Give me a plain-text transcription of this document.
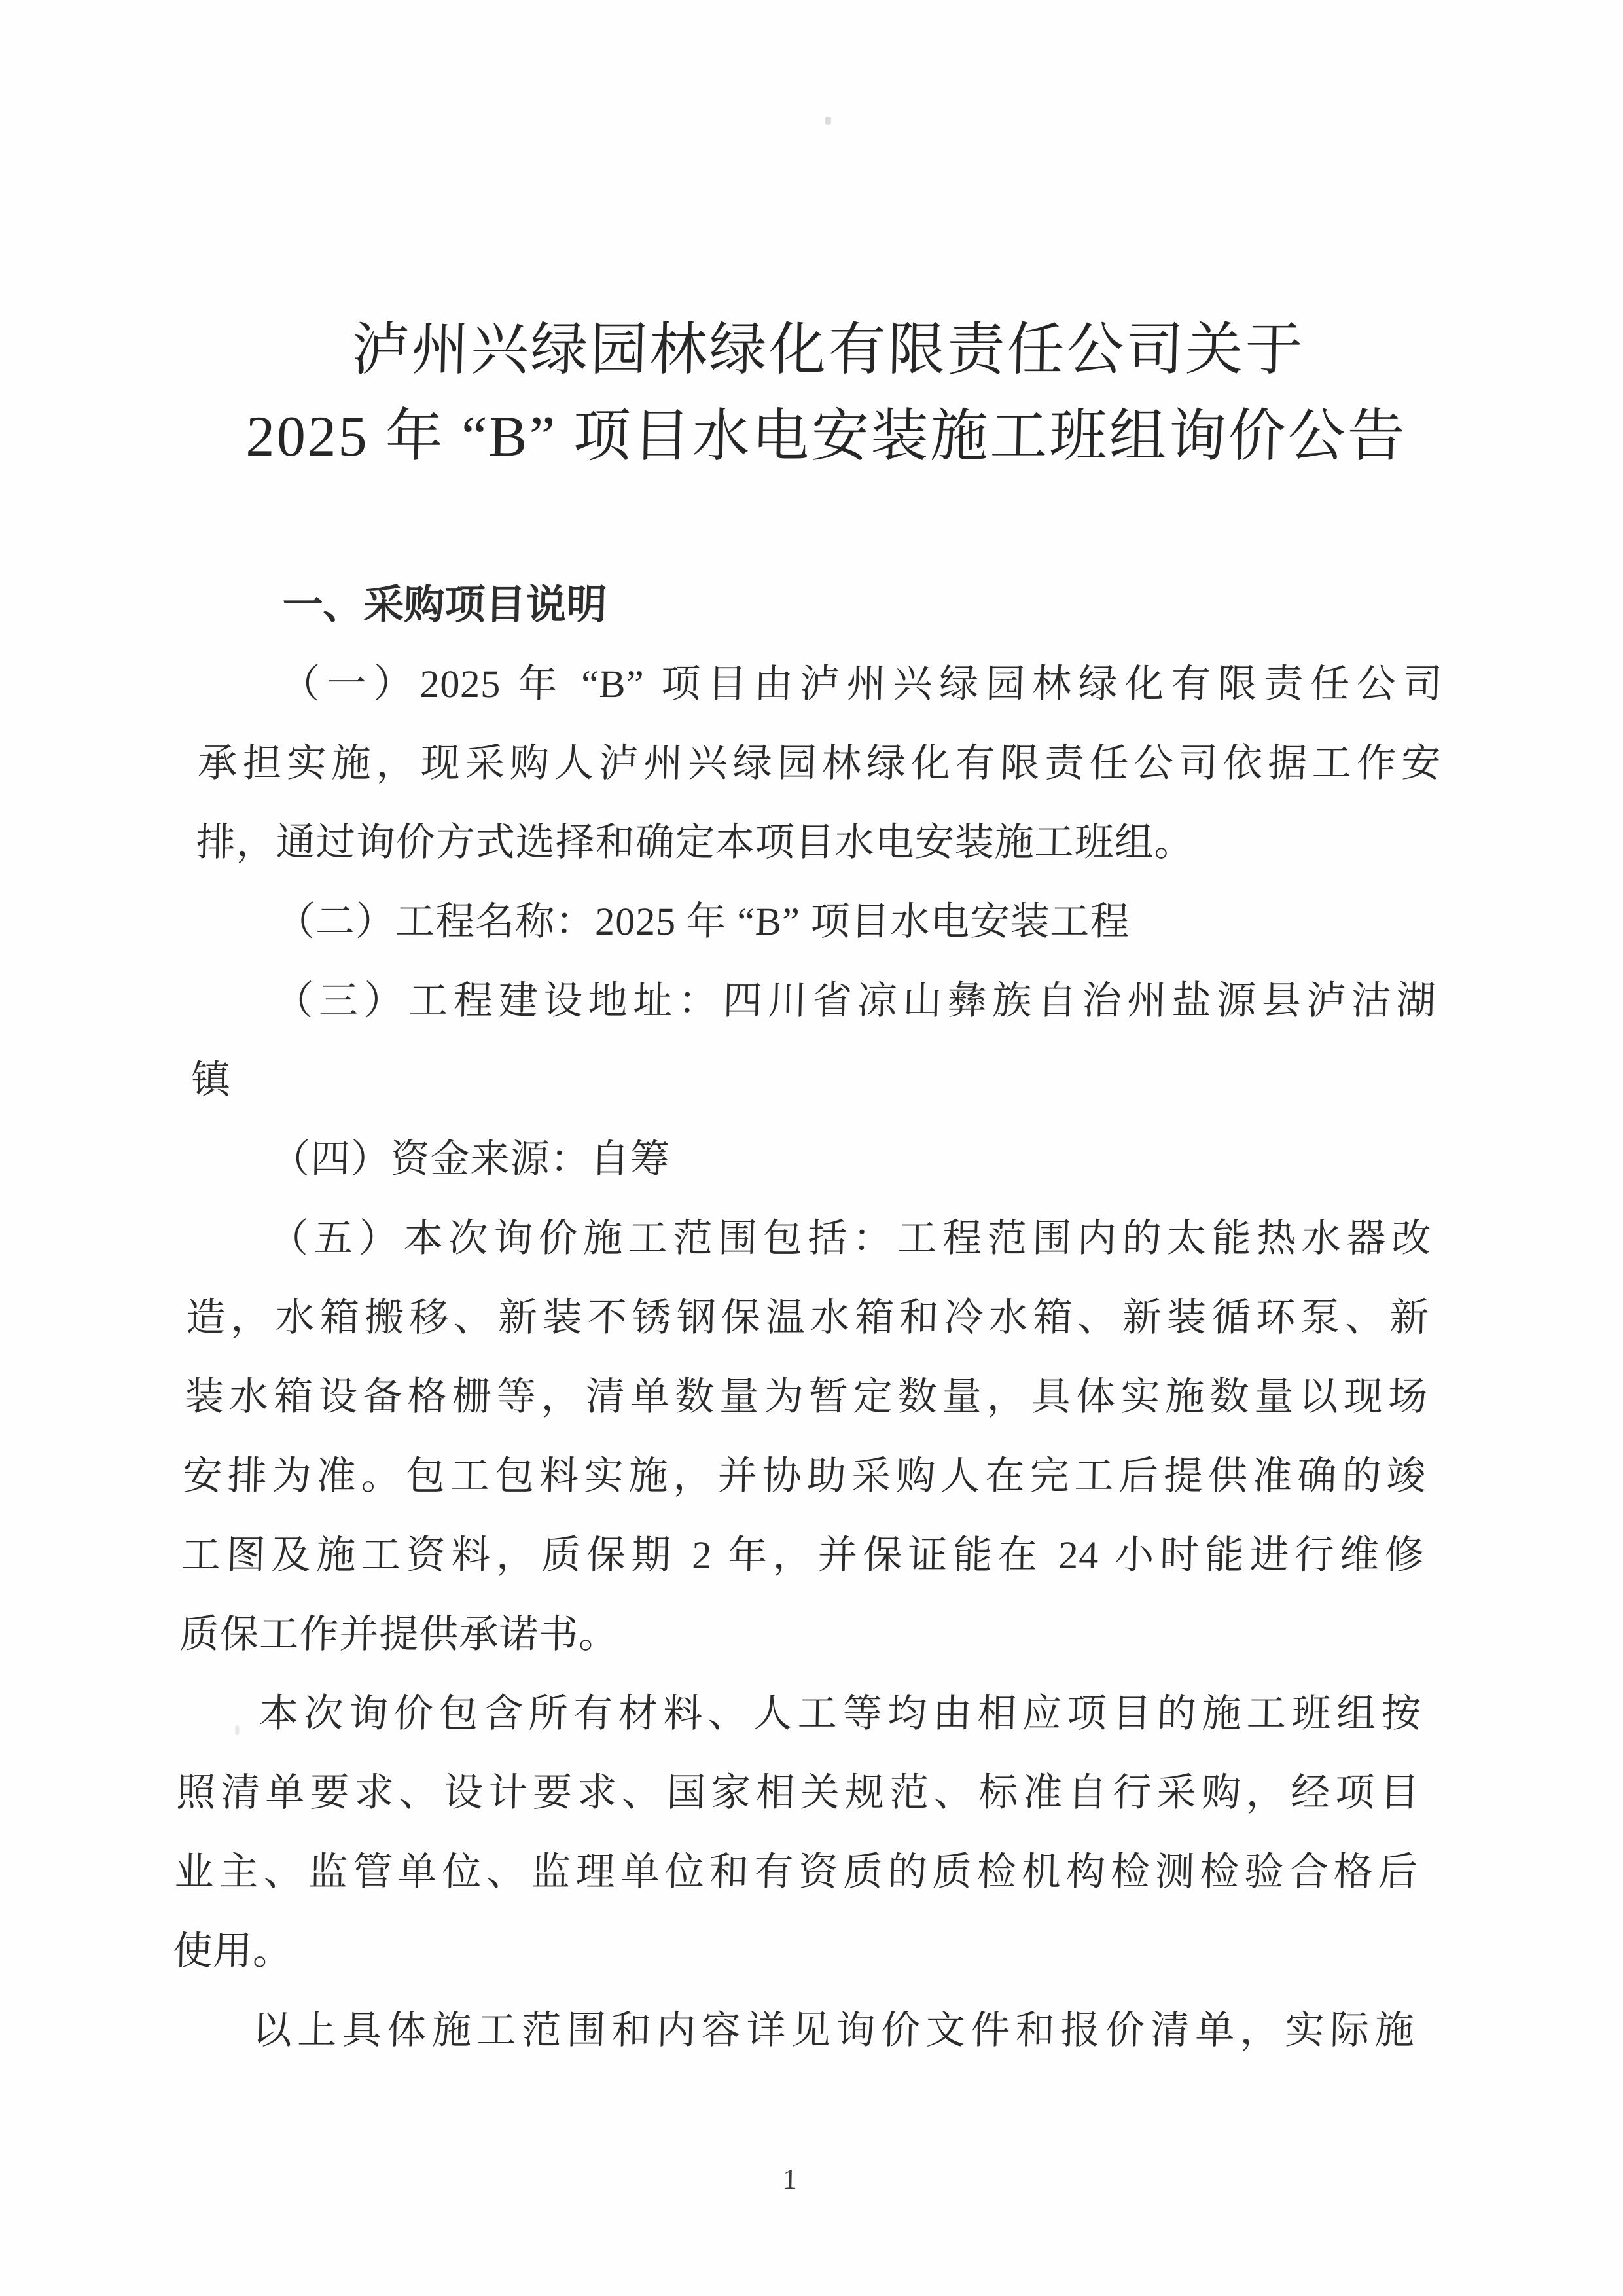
泸州兴绿园林绿化有限责任公司关于
2025 年 “B” 项目水电安装施工班组询价公告
一、采购项目说明
（一）2025 年 “B” 项目由泸州兴绿园林绿化有限责任公司
承担实施，现采购人泸州兴绿园林绿化有限责任公司依据工作安
排，通过询价方式选择和确定本项目水电安装施工班组。
（二）工程名称：2025 年 “B” 项目水电安装工程
（三）工程建设地址：四川省凉山彝族自治州盐源县泸沽湖
镇
（四）资金来源：自筹
（五）本次询价施工范围包括：工程范围内的太能热水器改
造，水箱搬移、新装不锈钢保温水箱和冷水箱、新装循环泵、新
装水箱设备格栅等，清单数量为暂定数量，具体实施数量以现场
安排为准。包工包料实施，并协助采购人在完工后提供准确的竣
工图及施工资料，质保期 2 年，并保证能在 24 小时能进行维修
质保工作并提供承诺书。
本次询价包含所有材料、人工等均由相应项目的施工班组按
照清单要求、设计要求、国家相关规范、标准自行采购，经项目
业主、监管单位、监理单位和有资质的质检机构检测检验合格后
使用。
以上具体施工范围和内容详见询价文件和报价清单，实际施
1
